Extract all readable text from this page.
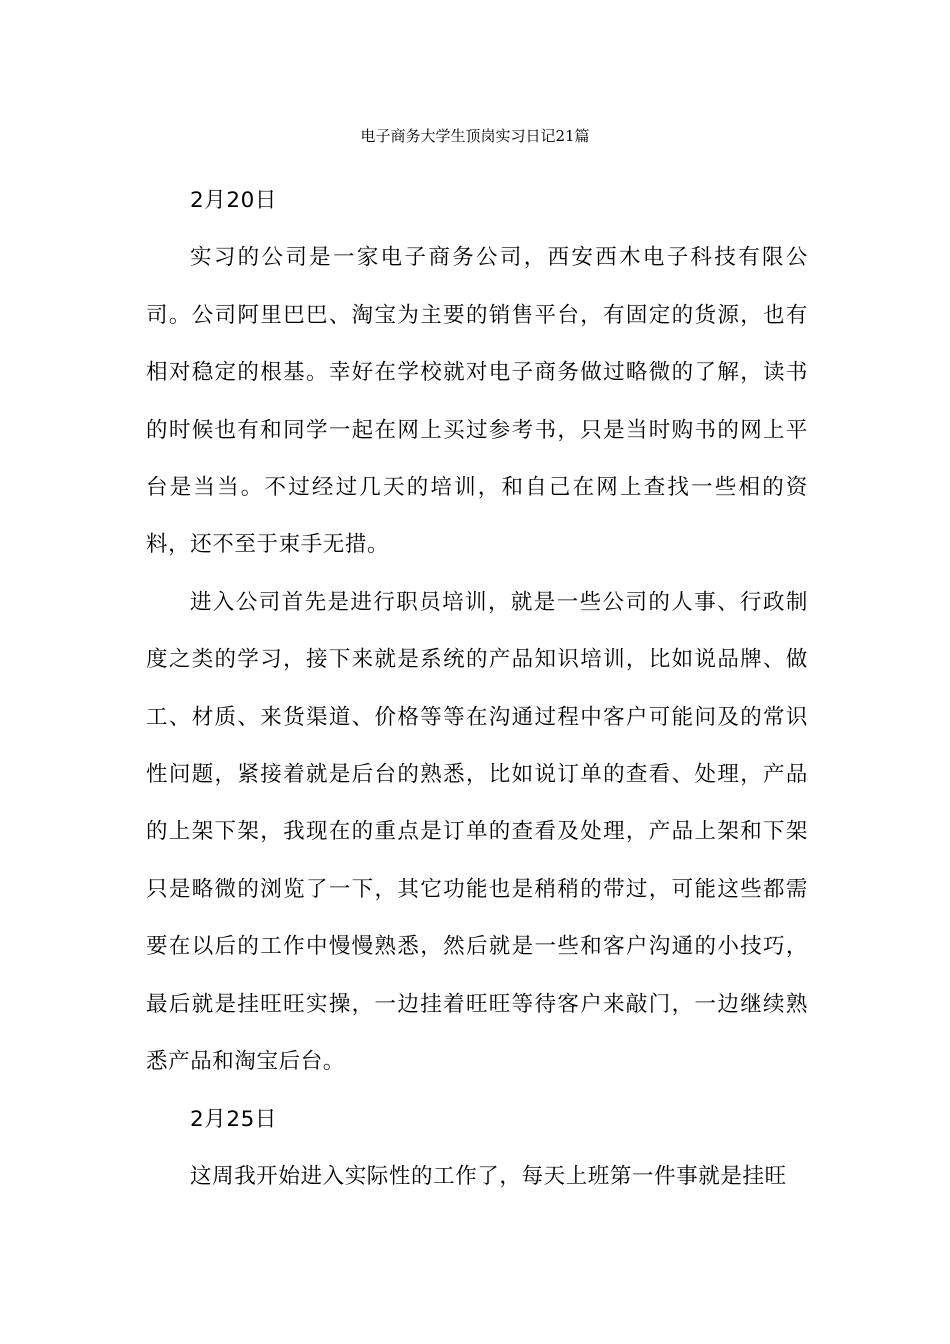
电子商务大学生顶岗实习日记21篇

2月20日

实习的公司是一家电子商务公司，西安西木电子科技有限公司。公司阿里巴巴、淘宝为主要的销售平台，有固定的货源，也有相对稳定的根基。幸好在学校就对电子商务做过略微的了解，读书的时候也有和同学一起在网上买过参考书，只是当时购书的网上平台是当当。不过经过几天的培训，和自己在网上查找一些相的资料，还不至于束手无措。

进入公司首先是进行职员培训，就是一些公司的人事、行政制度之类的学习，接下来就是系统的产品知识培训，比如说品牌、做工、材质、来货渠道、价格等等在沟通过程中客户可能问及的常识性问题，紧接着就是后台的熟悉，比如说订单的查看、处理，产品的上架下架，我现在的重点是订单的查看及处理，产品上架和下架只是略微的浏览了一下，其它功能也是稍稍的带过，可能这些都需要在以后的工作中慢慢熟悉，然后就是一些和客户沟通的小技巧，最后就是挂旺旺实操，一边挂着旺旺等待客户来敲门，一边继续熟悉产品和淘宝后台。

2月25日

这周我开始进入实际性的工作了，每天上班第一件事就是挂旺
